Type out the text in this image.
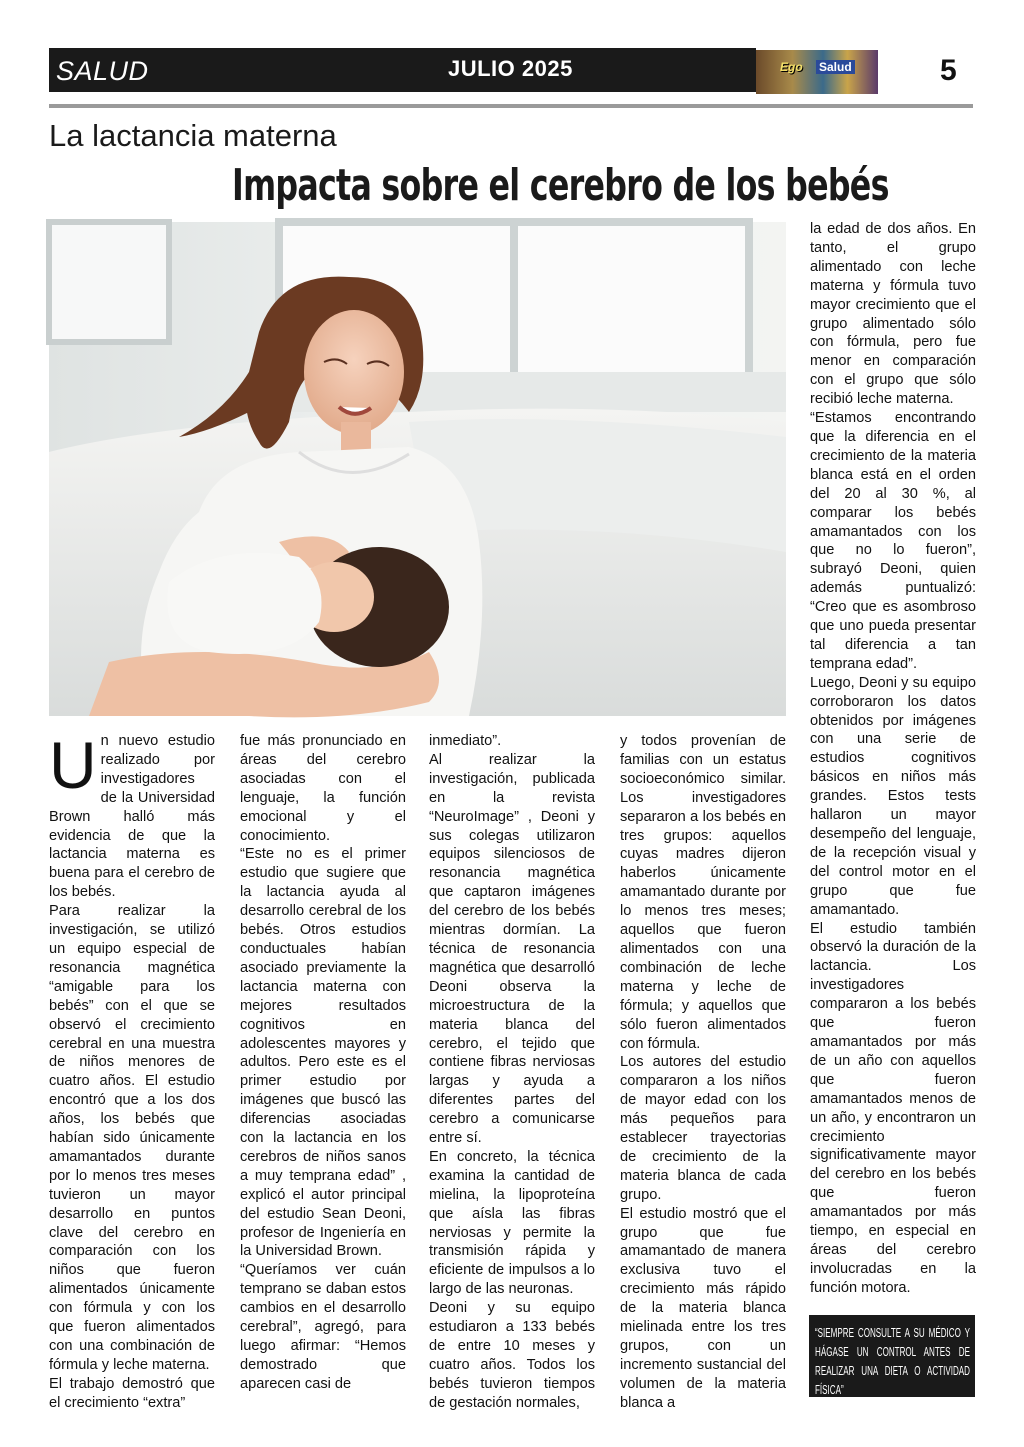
SALUD	JULIO 2025	Ego Salud	5
La lactancia materna
Impacta sobre el cerebro de los bebés
U n nuevo estudio realizado por investigadores de la Universidad Brown halló más evidencia de que la lactancia materna es buena para el cerebro de los bebés.

Para realizar la investigación, se utilizó un equipo especial de resonancia magnética “amigable para los bebés” con el que se observó el crecimiento cerebral en una muestra de niños menores de cuatro años. El estudio encontró que a los dos años, los bebés que habían sido únicamente amamantados durante por lo menos tres meses tuvieron un mayor desarrollo en puntos clave del cerebro en comparación con los niños que fueron alimentados únicamente con fórmula y con los que fueron alimentados con una combinación de fórmula y leche materna.

El trabajo demostró que el crecimiento “extra”

fue más pronunciado en áreas del cerebro asociadas con el lenguaje, la función emocional y el conocimiento.

“Este no es el primer estudio que sugiere que la lactancia ayuda al desarrollo cerebral de los bebés. Otros estudios conductuales habían asociado previamente la lactancia materna con mejores resultados cognitivos en adolescentes mayores y adultos. Pero este es el primer estudio por imágenes que buscó las diferencias asociadas con la lactancia en los cerebros de niños sanos a muy temprana edad” , explicó el autor principal del estudio Sean Deoni, profesor de Ingeniería en la Universidad Brown.

“Queríamos ver cuán temprano se daban estos cambios en el desarrollo cerebral”, agregó, para luego afirmar: “Hemos demostrado que aparecen casi de

inmediato”.

Al realizar la investigación, publicada en la revista “NeuroImage” , Deoni y sus colegas utilizaron equipos silenciosos de resonancia magnética que captaron imágenes del cerebro de los bebés mientras dormían. La técnica de resonancia magnética que desarrolló Deoni observa la microestructura de la materia blanca del cerebro, el tejido que contiene fibras nerviosas largas y ayuda a diferentes partes del cerebro a comunicarse entre sí.

En concreto, la técnica examina la cantidad de mielina, la lipoproteína que aísla las fibras nerviosas y permite la transmisión rápida y eficiente de impulsos a lo largo de las neuronas.

Deoni y su equipo estudiaron a 133 bebés de entre 10 meses y cuatro años. Todos los bebés tuvieron tiempos de gestación normales,

y todos provenían de familias con un estatus socioeconómico similar. Los investigadores separaron a los bebés en tres grupos: aquellos cuyas madres dijeron haberlos únicamente amamantado durante por lo menos tres meses; aquellos que fueron alimentados con una combinación de leche materna y leche de fórmula; y aquellos que sólo fueron alimentados con fórmula.

Los autores del estudio compararon a los niños de mayor edad con los más pequeños para establecer trayectorias de crecimiento de la materia blanca de cada grupo.

El estudio mostró que el grupo que fue amamantado de manera exclusiva tuvo el crecimiento más rápido de la materia blanca mielinada entre los tres grupos, con un incremento sustancial del volumen de la materia blanca a

la edad de dos años. En tanto, el grupo alimentado con leche materna y fórmula tuvo mayor crecimiento que el grupo alimentado sólo con fórmula, pero fue menor en comparación con el grupo que sólo recibió leche materna.

“Estamos encontrando que la diferencia en el crecimiento de la materia blanca está en el orden del 20 al 30 %, al comparar los bebés amamantados con los que no lo fueron”, subrayó Deoni, quien además puntualizó: “Creo que es asombroso que uno pueda presentar tal diferencia a tan temprana edad”.

Luego, Deoni y su equipo corroboraron los datos obtenidos por imágenes con una serie de estudios cognitivos básicos en niños más grandes. Estos tests hallaron un mayor desempeño del lenguaje, de la recepción visual y del control motor en el grupo que fue amamantado.

El estudio también observó la duración de la lactancia. Los investigadores compararon a los bebés que fueron amamantados por más de un año con aquellos que fueron amamantados menos de un año, y encontraron un crecimiento significativamente mayor del cerebro en los bebés que fueron amamantados por más tiempo, en especial en áreas del cerebro involucradas en la función motora.

“SIEMPRE CONSULTE A SU MÉDICO Y HÁGASE UN CONTROL ANTES DE REALIZAR UNA DIETA O ACTIVIDAD FÍSICA”
